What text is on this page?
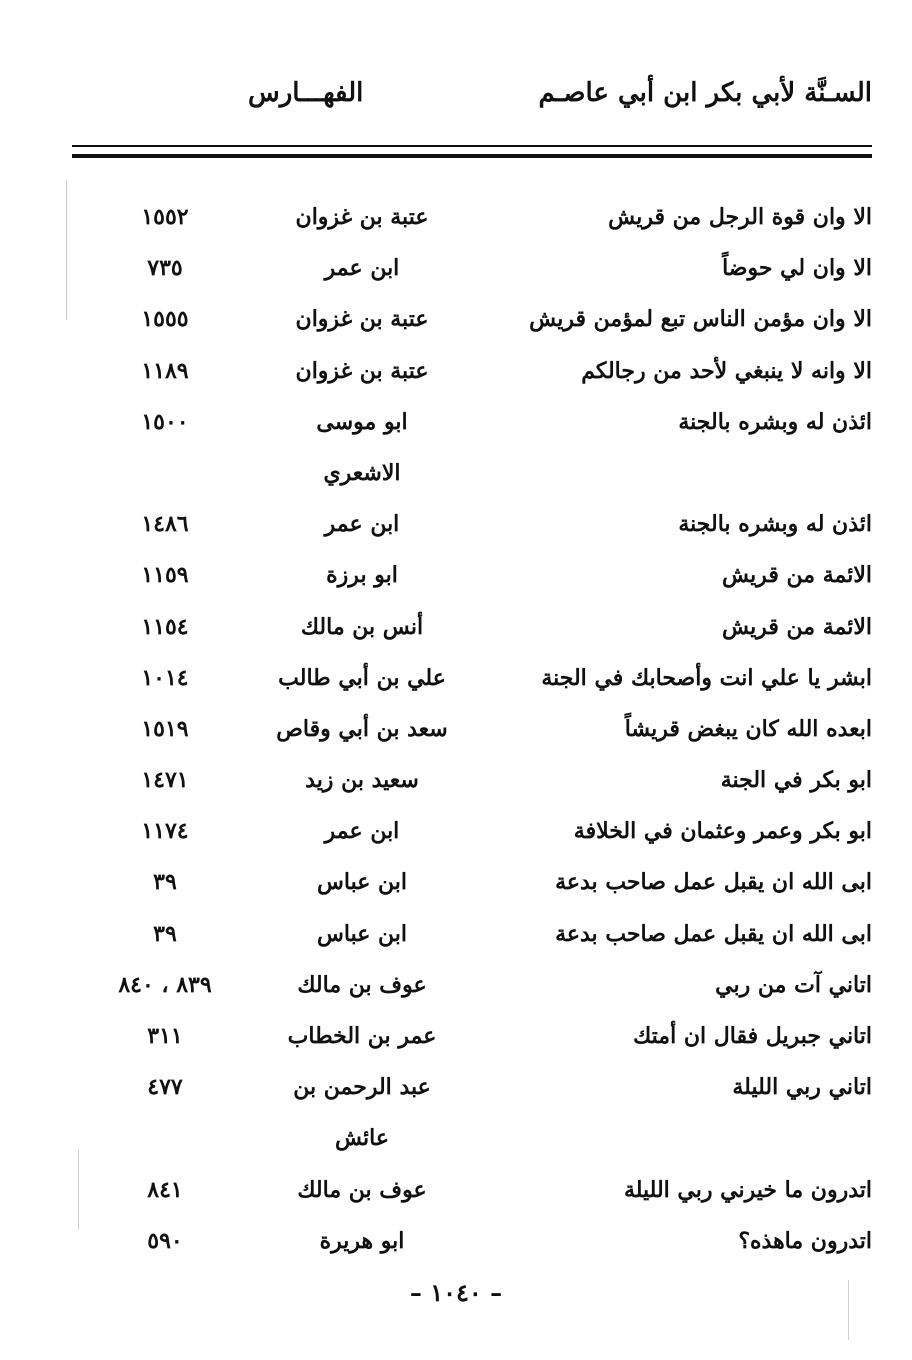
السـنَّة لأبي بكر ابن أبي عاصـم
الفهـــارس
الا وان قوة الرجل من قريش
عتبة بن غزوان
١٥٥٢
الا وان لي حوضاً
ابن عمر
٧٣٥
الا وان مؤمن الناس تبع لمؤمن قريش
عتبة بن غزوان
١٥٥٥
الا وانه لا ينبغي لأحد من رجالكم
عتبة بن غزوان
١١٨٩
ائذن له وبشره بالجنة
ابو موسى
١٥٠٠
الاشعري
ائذن له وبشره بالجنة
ابن عمر
١٤٨٦
الائمة من قريش
ابو برزة
١١٥٩
الائمة من قريش
أنس بن مالك
١١٥٤
ابشر يا علي انت وأصحابك في الجنة
علي بن أبي طالب
١٠١٤
ابعده الله كان يبغض قريشاً
سعد بن أبي وقاص
١٥١٩
ابو بكر في الجنة
سعيد بن زيد
١٤٧١
ابو بكر وعمر وعثمان في الخلافة
ابن عمر
١١٧٤
ابى الله ان يقبل عمل صاحب بدعة
ابن عباس
٣٩
ابى الله ان يقبل عمل صاحب بدعة
ابن عباس
٣٩
اتاني آت من ربي
عوف بن مالك
٨٣٩ ، ٨٤٠
اتاني جبريل فقال ان أمتك
عمر بن الخطاب
٣١١
اتاني ربي الليلة
عبد الرحمن بن
٤٧٧
عائش
اتدرون ما خيرني ربي الليلة
عوف بن مالك
٨٤١
اتدرون ماهذه؟
ابو هريرة
٥٩٠
– ١٠٤٠ –
